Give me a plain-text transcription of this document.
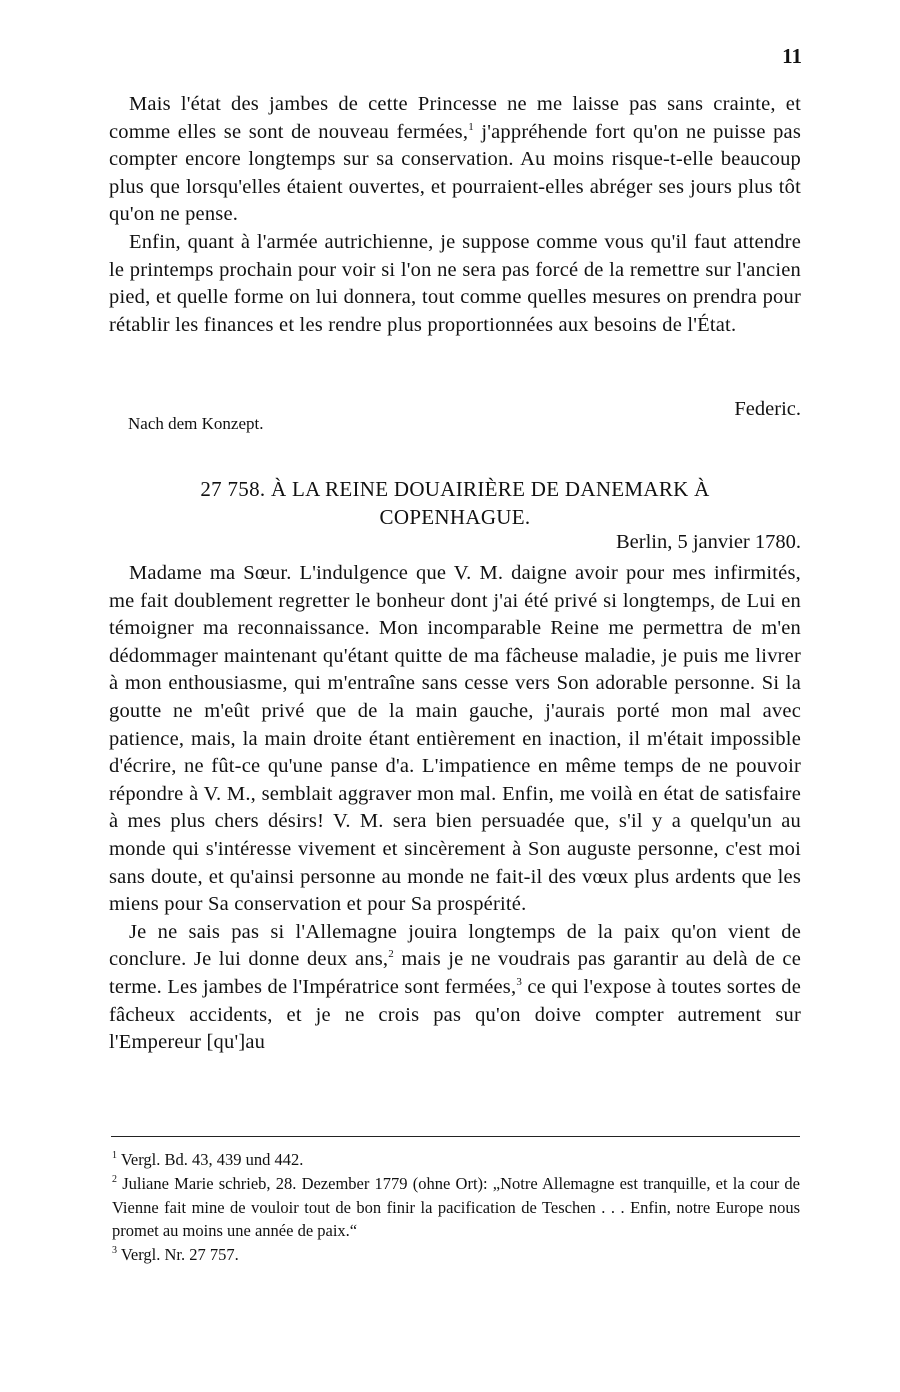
11

Mais l'état des jambes de cette Princesse ne me laisse pas sans crainte, et comme elles se sont de nouveau fermées,$^1$ j'appréhende fort qu'on ne puisse pas compter encore longtemps sur sa conservation. Au moins risque-t-elle beaucoup plus que lorsqu'elles étaient ouvertes, et pourraient-elles abréger ses jours plus tôt qu'on ne pense.

Enfin, quant à l'armée autrichienne, je suppose comme vous qu'il faut attendre le printemps prochain pour voir si l'on ne sera pas forcé de la remettre sur l'ancien pied, et quelle forme on lui donnera, tout comme quelles mesures on prendra pour rétablir les finances et les rendre plus proportionnées aux besoins de l'État.

Federic.
Nach dem Konzept.
27 758. À LA REINE DOUAIRIÈRE DE DANEMARK À
COPENHAGUE.
Berlin, 5 janvier 1780.

Madame ma Sœur. L'indulgence que V. M. daigne avoir pour mes infirmités, me fait doublement regretter le bonheur dont j'ai été privé si longtemps, de Lui en témoigner ma reconnaissance. Mon incomparable Reine me permettra de m'en dédommager maintenant qu'étant quitte de ma fâcheuse maladie, je puis me livrer à mon enthousiasme, qui m'entraîne sans cesse vers Son adorable personne. Si la goutte ne m'eût privé que de la main gauche, j'aurais porté mon mal avec patience, mais, la main droite étant entièrement en inaction, il m'était impossible d'écrire, ne fût-ce qu'une panse d'a. L'impatience en même temps de ne pouvoir répondre à V. M., semblait aggraver mon mal. Enfin, me voilà en état de satisfaire à mes plus chers désirs! V. M. sera bien persuadée que, s'il y a quelqu'un au monde qui s'intéresse vivement et sincèrement à Son auguste personne, c'est moi sans doute, et qu'ainsi personne au monde ne fait-il des vœux plus ardents que les miens pour Sa conservation et pour Sa prospérité.

Je ne sais pas si l'Allemagne jouira longtemps de la paix qu'on vient de conclure. Je lui donne deux ans,$^2$ mais je ne voudrais pas garantir au delà de ce terme. Les jambes de l'Impératrice sont fermées,$^3$ ce qui l'expose à toutes sortes de fâcheux accidents, et je ne crois pas qu'on doive compter autrement sur l'Empereur [qu']au

$^1$ Vergl. Bd. 43, 439 und 442.

$^2$ Juliane Marie schrieb, 28. Dezember 1779 (ohne Ort): „Notre Allemagne est tranquille, et la cour de Vienne fait mine de vouloir tout de bon finir la pacification de Teschen . . . Enfin, notre Europe nous promet au moins une année de paix.“

$^3$ Vergl. Nr. 27 757.
